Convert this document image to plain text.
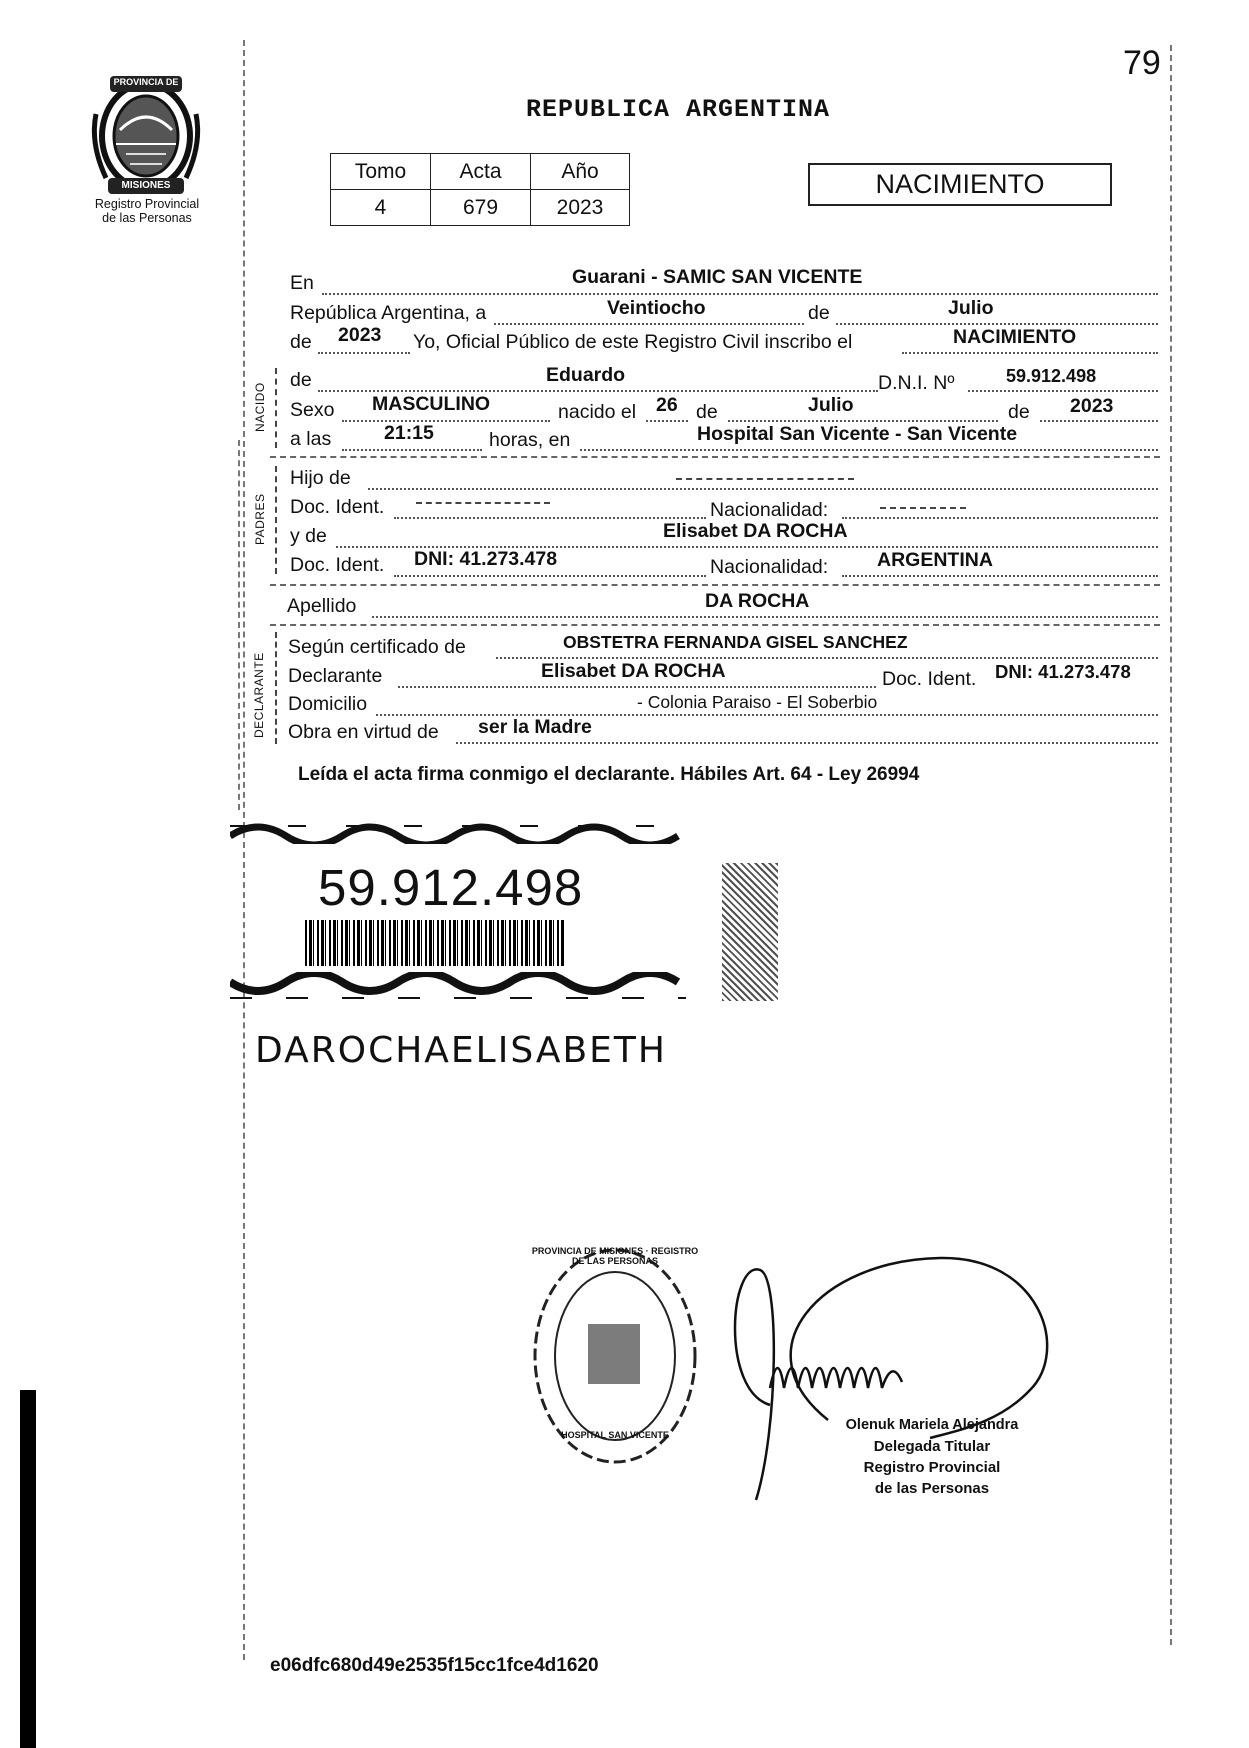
79
PROVINCIA DE
MISIONES
Registro Provincial
de las Personas
REPUBLICA ARGENTINA
Tomo	Acta	Año
4	679	2023
NACIMIENTO
En	Guarani - SAMIC SAN VICENTE
República Argentina, a	Veintiocho	de	Julio
de 2023 Yo, Oficial Público de este Registro Civil inscribo el	NACIMIENTO
NACIDO
de	Eduardo	D.N.I. Nº	59.912.498
Sexo MASCULINO	nacido el 26 de	Julio	de 2023
a las	21:15	horas, en	Hospital San Vicente - San Vicente
PADRES
Hijo de
Doc. Ident.	Nacionalidad:
y de	Elisabet DA ROCHA
Doc. Ident. DNI: 41.273.478	Nacionalidad:	ARGENTINA
Apellido	DA ROCHA
DECLARANTE
Según certificado de	OBSTETRA FERNANDA GISEL SANCHEZ
Declarante	Elisabet DA ROCHA	Doc. Ident. DNI: 41.273.478
Domicilio	- Colonia Paraiso - El Soberbio
Obra en virtud de ser la Madre
Leída el acta firma conmigo el declarante. Hábiles Art. 64 - Ley 26994
59.912.498
DAROCHAELISABETH
PROVINCIA DE MISIONES · REGISTRO DE LAS PERSONAS
HOSPITAL SAN VICENTE
Olenuk Mariela Alejandra
Delegada Titular
Registro Provincial
de las Personas
e06dfc680d49e2535f15cc1fce4d1620
